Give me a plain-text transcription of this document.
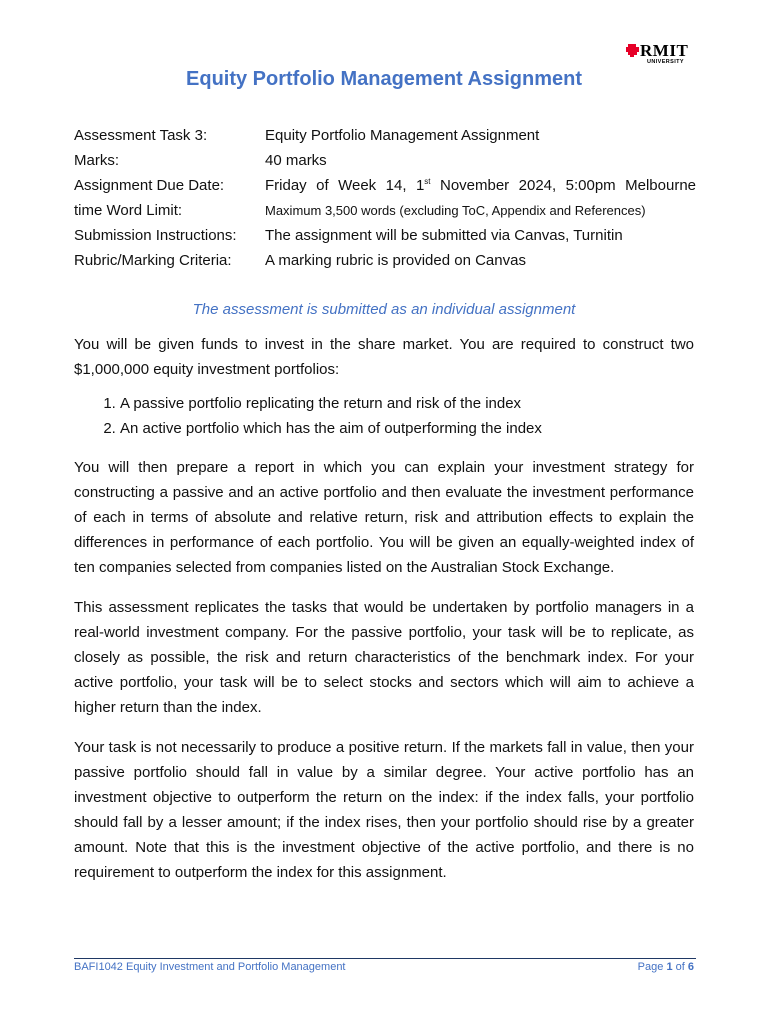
RMIT
UNIVERSITY
Equity Portfolio Management Assignment
Assessment Task 3:	Equity Portfolio Management Assignment
Marks:	40 marks
Assignment Due Date:	Friday of Week 14, 1st November 2024, 5:00pm Melbourne
time Word Limit:	Maximum 3,500 words (excluding ToC, Appendix and References)
Submission Instructions: The assignment will be submitted via Canvas, Turnitin
Rubric/Marking Criteria: A marking rubric is provided on Canvas
The assessment is submitted as an individual assignment

You will be given funds to invest in the share market. You are required to construct two $1,000,000 equity investment portfolios:

1. A passive portfolio replicating the return and risk of the index
2. An active portfolio which has the aim of outperforming the index

You will then prepare a report in which you can explain your investment strategy for constructing a passive and an active portfolio and then evaluate the investment performance of each in terms of absolute and relative return, risk and attribution effects to explain the differences in performance of each portfolio. You will be given an equally-weighted index of ten companies selected from companies listed on the Australian Stock Exchange.

This assessment replicates the tasks that would be undertaken by portfolio managers in a real-world investment company. For the passive portfolio, your task will be to replicate, as closely as possible, the risk and return characteristics of the benchmark index. For your active portfolio, your task will be to select stocks and sectors which will aim to achieve a higher return than the index.

Your task is not necessarily to produce a positive return. If the markets fall in value, then your passive portfolio should fall in value by a similar degree. Your active portfolio has an investment objective to outperform the return on the index: if the index falls, your portfolio should fall by a lesser amount; if the index rises, then your portfolio should rise by a greater amount. Note that this is the investment objective of the active portfolio, and there is no requirement to outperform the index for this assignment.

BAFI1042 Equity Investment and Portfolio Management	Page 1 of 6
